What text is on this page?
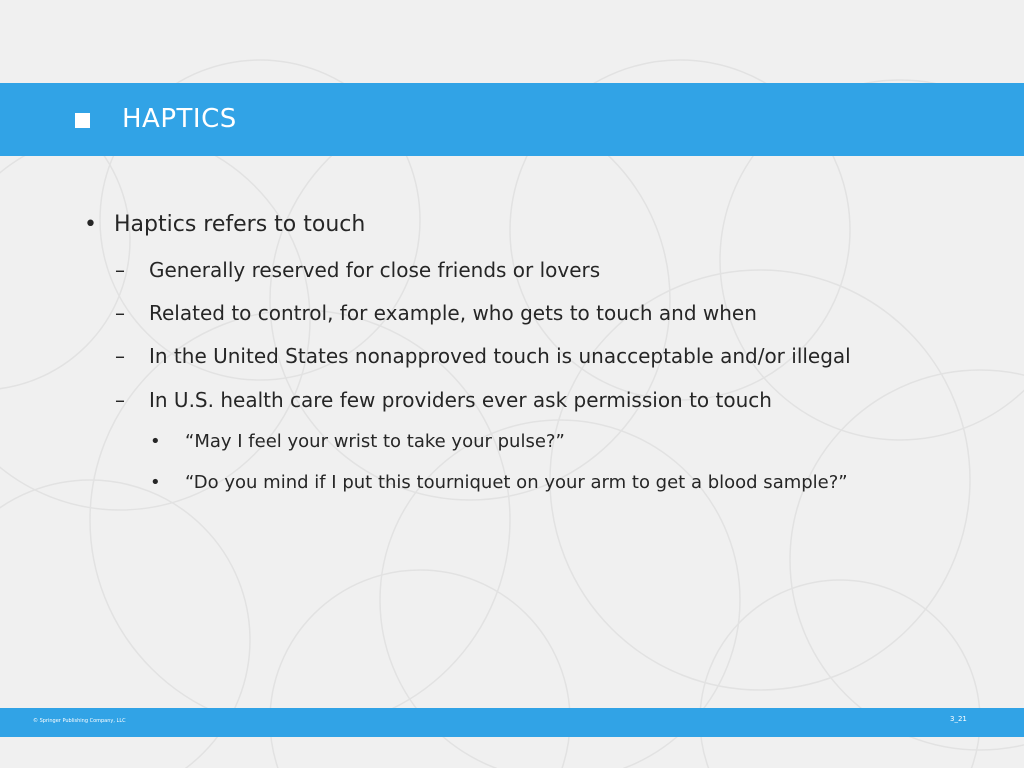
HAPTICS
• Haptics refers to touch
– Generally reserved for close friends or lovers
– Related to control, for example, who gets to touch and when
– In the United States nonapproved touch is unacceptable and/or illegal
– In U.S. health care few providers ever ask permission to touch
• “May I feel your wrist to take your pulse?”
• “Do you mind if I put this tourniquet on your arm to get a blood sample?”
© Springer Publishing Company, LLC	3_21
